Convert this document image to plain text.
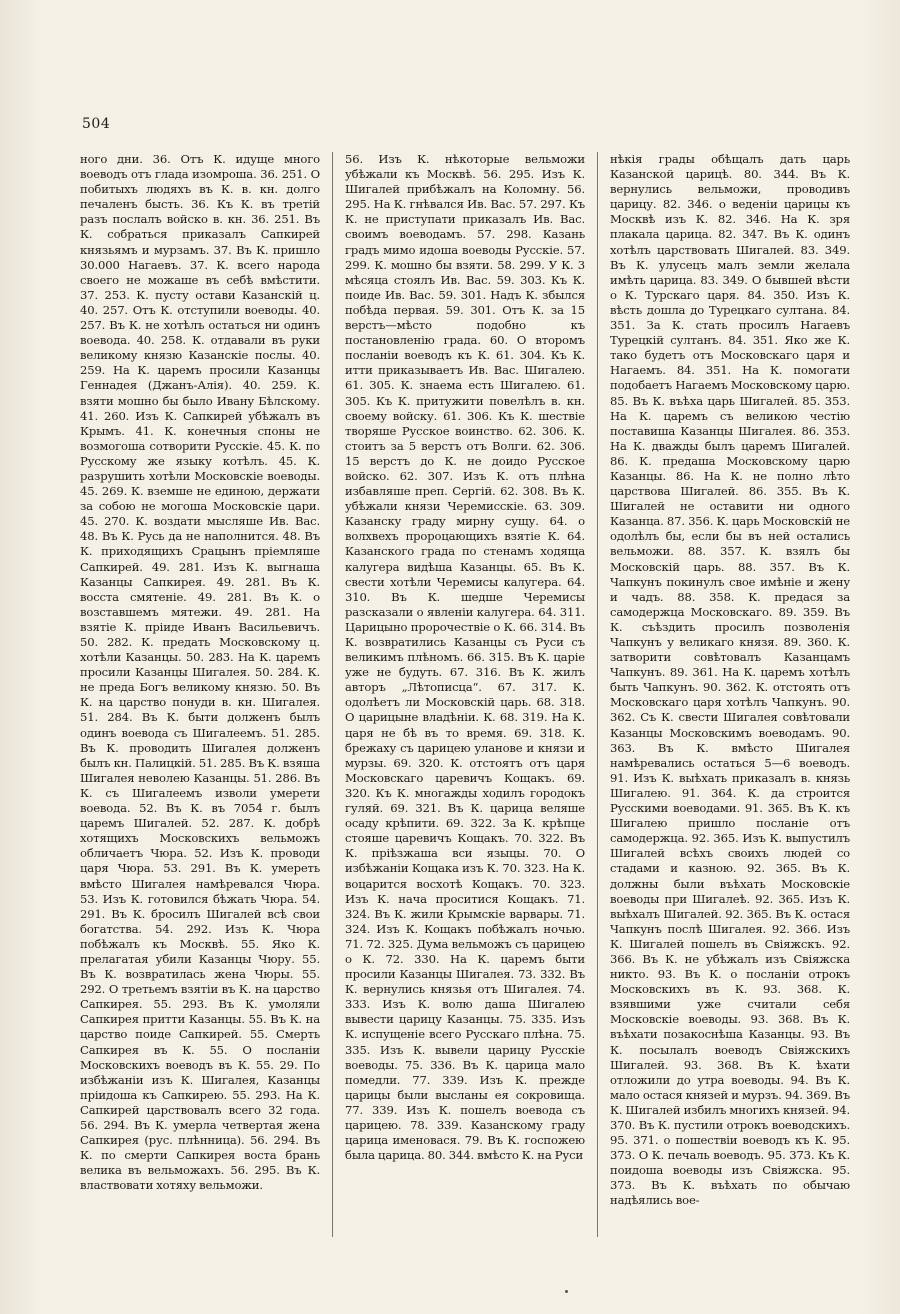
504
ного дни. 36. Отъ К. идуще много воеводъ отъ глада изомроша. 36. 251. О побитыхъ людяхъ въ К. в. кн. долго печаленъ бысть. 36. Къ К. въ третій разъ послалъ войско в. кн. 36. 251. Въ К. собраться приказалъ Сапкирей князьямъ и мурзамъ. 37. Въ К. пришло 30.000 Нагаевъ. 37. К. всего народа своего не можаше въ себѣ вмѣстити. 37. 253. К. пусту остави Казанскій ц. 40. 257. Отъ К. отступили воеводы. 40. 257. Въ К. не хотѣлъ остаться ни одинъ воевода. 40. 258. К. отдавали въ руки великому князю Казанскіе послы. 40. 259. На К. царемъ просили Казанцы Геннадея (Джанъ-Алія). 40. 259. К. взяти мошно бы было Ивану Бѣлскому. 41. 260. Изъ К. Сапкирей убѣжалъ въ Крымъ. 41. К. конечныя споны не возмогоша сотворити Русскіе. 45. К. по Русскому же языку котѣлъ. 45. К. разрушить хотѣли Московскіе воеводы. 45. 269. К. вземше не единою, держати за собою не могоша Московскіе цари. 45. 270. К. воздати мысляше Ив. Вас. 48. Въ К. Русь да не наполнится. 48. Въ К. приходящихъ Срацынъ пріемляше Сапкирей. 49. 281. Изъ К. выгнаша Казанцы Сапкирея. 49. 281. Въ К. восста смятеніе. 49. 281. Въ К. о возставшемъ мятежи. 49. 281. На взятіе К. пріиде Иванъ Васильевичъ. 50. 282. К. предать Московскому ц. хотѣли Казанцы. 50. 283. На К. царемъ просили Казанцы Шигалея. 50. 284. К. не преда Богъ великому князю. 50. Въ К. на царство понуди в. кн. Шигалея. 51. 284. Въ К. быти долженъ былъ одинъ воевода съ Шигалеемъ. 51. 285. Въ К. проводить Шигалея долженъ былъ кн. Палицкій. 51. 285. Въ К. взяша Шигалея неволею Казанцы. 51. 286. Въ К. съ Шигалеемъ изволи умерети воевода. 52. Въ К. въ 7054 г. былъ царемъ Шигалей. 52. 287. К. добрѣ хотящихъ Московскихъ вельможъ обличаетъ Чюра. 52. Изъ К. проводи царя Чюра. 53. 291. Въ К. умереть вмѣсто Шигалея намѣревался Чюра. 53. Изъ К. готовился бѣжать Чюра. 54. 291. Въ К. бросилъ Шигалей всѣ свои богатства. 54. 292. Изъ К. Чюра побѣжалъ къ Москвѣ. 55. Яко К. прелагатая убили Казанцы Чюру. 55. Въ К. возвратилась жена Чюры. 55. 292. О третьемъ взятіи въ К. на царство Сапкирея. 55. 293. Въ К. умоляли Сапкирея притти Казанцы. 55. Въ К. на царство поиде Сапкирей. 55. Смерть Сапкирея въ К. 55. О посланіи Московскихъ воеводъ въ К. 55. 29. По избѣжаніи изъ К. Шигалея, Казанцы пріидоша къ Сапкирею. 55. 293. На К. Сапкирей царствовалъ всего 32 года. 56. 294. Въ К. умерла четвертая жена Сапкирея (рус. плѣнница). 56. 294. Въ К. по смерти Сапкирея воста брань велика въ вельможахъ. 56. 295. Въ К. властвовати хотяху вельможи.
56. Изъ К. нѣкоторые вельможи убѣжали къ Москвѣ. 56. 295. Изъ К. Шигалей прибѣжалъ на Коломну. 56. 295. На К. гнѣвался Ив. Вас. 57. 297. Къ К. не приступати приказалъ Ив. Вас. своимъ воеводамъ. 57. 298. Казань градъ мимо идоша воеводы Русскіе. 57. 299. К. мошно бы взяти. 58. 299. У К. 3 мѣсяца стоялъ Ив. Вас. 59. 303. Къ К. поиде Ив. Вас. 59. 301. Надъ К. збылся побѣда первая. 59. 301. Отъ К. за 15 верстъ—мѣсто подобно къ постановленію града. 60. О второмъ посланіи воеводъ къ К. 61. 304. Къ К. итти приказываетъ Ив. Вас. Шигалею. 61. 305. К. знаема есть Шигалею. 61. 305. Къ К. притужити повелѣлъ в. кн. своему войску. 61. 306. Къ К. шествіе творяше Русское воинство. 62. 306. К. стоитъ за 5 верстъ отъ Волги. 62. 306. 15 верстъ до К. не доидо Русское войско. 62. 307. Изъ К. отъ плѣна избавляше преп. Сергій. 62. 308. Въ К. убѣжали князи Черемисскіе. 63. 309. Казанску граду мирну сущу. 64. о волхвехъ пророцающихъ взятіе К. 64. Казанского града по стенамъ ходяща калугера видѣша Казанцы. 65. Въ К. свести хотѣли Черемисы калугера. 64. 310. Въ К. шедше Черемисы разсказали о явленіи калугера. 64. 311. Царицыно пророчествіе о К. 66. 314. Въ К. возвратились Казанцы съ Руси съ великимъ плѣномъ. 66. 315. Въ К. царіе уже не будуть. 67. 316. Въ К. жилъ авторъ „Лѣтописца“. 67. 317. К. одолѣетъ ли Московскій царь. 68. 318. О царицыне владѣніи. К. 68. 319. На К. царя не бѣ въ то время. 69. 318. К. брежаху съ царицею уланове и князи и мурзы. 69. 320. К. отстоятъ отъ царя Московскаго царевичъ Кощакъ. 69. 320. Къ К. многажды ходилъ городокъ гуляй. 69. 321. Въ К. царица веляше осаду крѣпити. 69. 322. За К. крѣпце стояше царевичъ Кощакъ. 70. 322. Въ К. пріѣзжаша вси языцы. 70. О избѣжаніи Кощака изъ К. 70. 323. На К. воцарится восхотѣ Кощакъ. 70. 323. Изъ К. нача проситися Кощакъ. 71. 324. Въ К. жили Крымскіе варвары. 71. 324. Изъ К. Кощакъ побѣжалъ ночью. 71. 72. 325. Дума вельможъ съ царицею о К. 72. 330. На К. царемъ быти просили Казанцы Шигалея. 73. 332. Въ К. вернулись князья отъ Шигалея. 74. 333. Изъ К. волю даша Шигалею вывести царицу Казанцы. 75. 335. Изъ К. испущеніе всего Русскаго плѣна. 75. 335. Изъ К. вывели царицу Русскіе воеводы. 75. 336. Въ К. царица мало помедли. 77. 339. Изъ К. прежде царицы были высланы ея сокровища. 77. 339. Изъ К. пошелъ воевода съ царицею. 78. 339. Казанскому граду царица именовася. 79. Въ К. госпожею была царица. 80. 344. вмѣсто К. на Руси
нѣкія грады обѣщалъ дать царь Казанской царицѣ. 80. 344. Въ К. вернулись вельможи, проводивъ царицу. 82. 346. о веденіи царицы къ Москвѣ изъ К. 82. 346. На К. зря плакала царица. 82. 347. Въ К. одинъ хотѣлъ царствовать Шигалей. 83. 349. Въ К. улусецъ малъ земли желала имѣть царица. 83. 349. О бывшей вѣсти о К. Турскаго царя. 84. 350. Изъ К. вѣсть дошла до Турецкаго султана. 84. 351. За К. стать просилъ Нагаевъ Турецкій султанъ. 84. 351. Яко же К. тако будетъ отъ Московскаго царя и Нагаемъ. 84. 351. На К. помогати подобаетъ Нагаемъ Московскому царю. 85. Въ К. въѣха царь Шигалей. 85. 353. На К. царемъ съ великою честію поставиша Казанцы Шигалея. 86. 353. На К. дважды былъ царемъ Шигалей. 86. К. предаша Московскому царю Казанцы. 86. На К. не полно лѣто царствова Шигалей. 86. 355. Въ К. Шигалей не оставити ни одного Казанца. 87. 356. К. царь Московскій не одолѣлъ бы, если бы въ ней остались вельможи. 88. 357. К. взялъ бы Московскій царь. 88. 357. Въ К. Чапкунъ покинулъ свое имѣніе и жену и чадъ. 88. 358. К. предася за самодержца Московскаго. 89. 359. Въ К. съѣздить просилъ позволенія Чапкунъ у великаго князя. 89. 360. К. затворити совѣтовалъ Казанцамъ Чапкунъ. 89. 361. На К. царемъ хотѣлъ быть Чапкунъ. 90. 362. К. отстоять отъ Московскаго царя хотѣлъ Чапкунъ. 90. 362. Съ К. свести Шигалея совѣтовали Казанцы Московскимъ воеводамъ. 90. 363. Въ К. вмѣсто Шигалея намѣревались остаться 5—6 воеводъ. 91. Изъ К. выѣхать приказалъ в. князь Шигалею. 91. 364. К. да строится Русскими воеводами. 91. 365. Въ К. къ Шигалею пришло посланіе отъ самодержца. 92. 365. Изъ К. выпустилъ Шигалей всѣхъ своихъ людей со стадами и казною. 92. 365. Въ К. должны были въѣхать Московскіе воеводы при Шигалеѣ. 92. 365. Изъ К. выѣхалъ Шигалей. 92. 365. Въ К. остася Чапкунъ послѣ Шигалея. 92. 366. Изъ К. Шигалей пошелъ въ Свіяжскъ. 92. 366. Въ К. не убѣжалъ изъ Свіяжска никто. 93. Въ К. о посланіи отрокъ Московскихъ въ К. 93. 368. К. взявшими уже считали себя Московскіе воеводы. 93. 368. Въ К. въѣхати позакоснѣша Казанцы. 93. Въ К. посылалъ воеводъ Свіяжскихъ Шигалей. 93. 368. Въ К. ѣхати отложили до утра воеводы. 94. Въ К. мало остася князей и мурзъ. 94. 369. Въ К. Шигалей избилъ многихъ князей. 94. 370. Въ К. пустили отрокъ воеводскихъ. 95. 371. о пошествіи воеводъ къ К. 95. 373. О К. печаль воеводъ. 95. 373. Къ К. поидоша воеводы изъ Свіяжска. 95. 373. Въ К. въѣхать по обычаю надѣялись вое-
